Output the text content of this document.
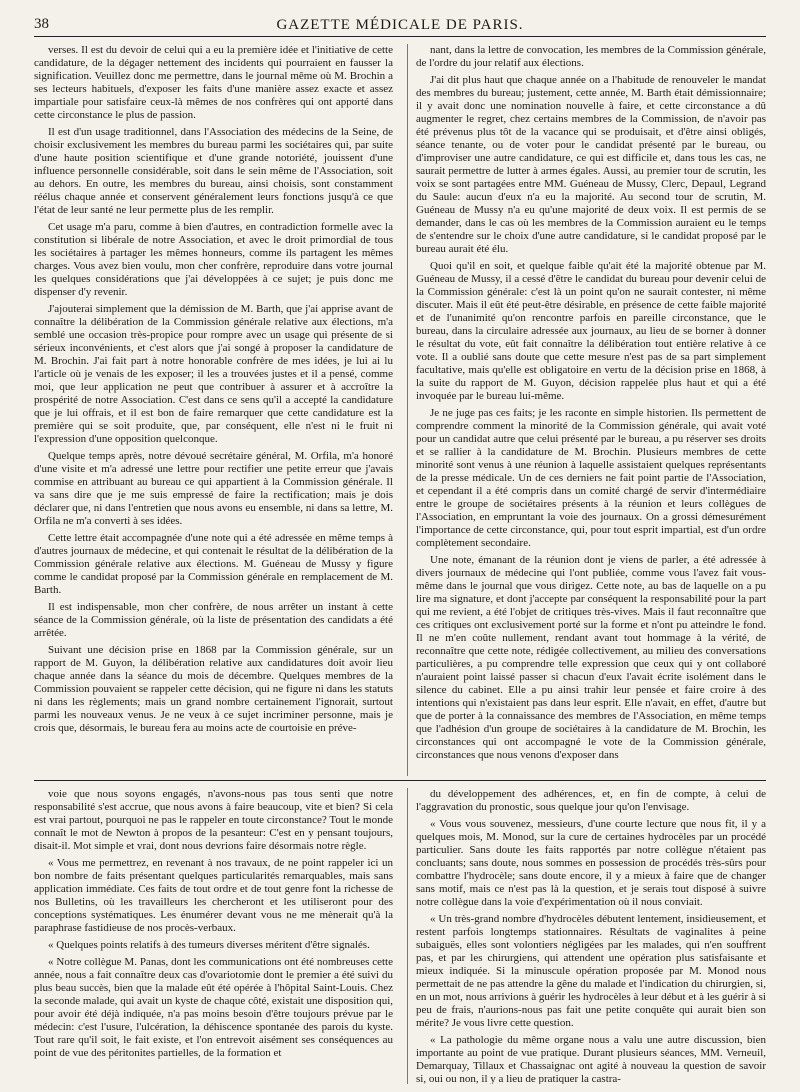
38	GAZETTE MÉDICALE DE PARIS.

verses. Il est du devoir de celui qui a eu la première idée et l'initiative de cette candidature, de la dégager nettement des incidents qui pourraient en fausser la signification. Veuillez donc me permettre, dans le journal même où M. Brochin a ses lecteurs habituels, d'exposer les faits d'une manière assez exacte et assez impartiale pour satisfaire ceux-là mêmes de nos confrères qui ont apporté dans cette circonstance le plus de passion.

Il est d'un usage traditionnel, dans l'Association des médecins de la Seine, de choisir exclusivement les membres du bureau parmi les sociétaires qui, par suite d'une haute position scientifique et d'une grande notoriété, jouissent d'une influence personnelle considérable, soit dans le sein même de l'Association, soit au dehors. En outre, les membres du bureau, ainsi choisis, sont constamment réélus chaque année et conservent généralement leurs fonctions jusqu'à ce que l'état de leur santé ne leur permette plus de les remplir.

Cet usage m'a paru, comme à bien d'autres, en contradiction formelle avec la constitution si libérale de notre Association, et avec le droit primordial de tous les sociétaires à partager les mêmes honneurs, comme ils partagent les mêmes charges. Vous avez bien voulu, mon cher confrère, reproduire dans votre journal les quelques considérations que j'ai développées à ce sujet; je puis donc me dispenser d'y revenir.

J'ajouterai simplement que la démission de M. Barth, que j'ai apprise avant de connaître la délibération de la Commission générale relative aux élections, m'a semblé une occasion très-propice pour rompre avec un usage qui présente de si sérieux inconvénients, et c'est alors que j'ai songé à proposer la candidature de M. Brochin. J'ai fait part à notre honorable confrère de mes idées, je lui ai lu l'article où je venais de les exposer; il les a trouvées justes et il a pensé, comme moi, que leur application ne peut que contribuer à assurer et à accroître la prospérité de notre Association. C'est dans ce sens qu'il a accepté la candidature que je lui offrais, et il est bon de faire remarquer que cette candidature est la première qui se soit produite, que, par conséquent, elle n'est ni le fruit ni l'expression d'une opposition quelconque.

Quelque temps après, notre dévoué secrétaire général, M. Orfila, m'a honoré d'une visite et m'a adressé une lettre pour rectifier une petite erreur que j'avais commise en attribuant au bureau ce qui appartient à la Commission générale. Il va sans dire que je me suis empressé de faire la rectification; mais je dois déclarer que, ni dans l'entretien que nous avons eu ensemble, ni dans sa lettre, M. Orfila ne m'a converti à ses idées.

Cette lettre était accompagnée d'une note qui a été adressée en même temps à d'autres journaux de médecine, et qui contenait le résultat de la délibération de la Commission générale relative aux élections. M. Guéneau de Mussy y figure comme le candidat proposé par la Commission générale en remplacement de M. Barth.

Il est indispensable, mon cher confrère, de nous arrêter un instant à cette séance de la Commission générale, où la liste de présentation des candidats a été arrêtée.

Suivant une décision prise en 1868 par la Commission générale, sur un rapport de M. Guyon, la délibération relative aux candidatures doit avoir lieu chaque année dans la séance du mois de décembre. Quelques membres de la Commission pouvaient se rappeler cette décision, qui ne figure ni dans les statuts ni dans les règlements; mais un grand nombre certainement l'ignorait, surtout parmi les nouveaux venus. Je ne veux à ce sujet incriminer personne, mais je crois que, désormais, le bureau fera au moins acte de courtoisie en préve-

nant, dans la lettre de convocation, les membres de la Commission générale, de l'ordre du jour relatif aux élections.

J'ai dit plus haut que chaque année on a l'habitude de renouveler le mandat des membres du bureau; justement, cette année, M. Barth était démissionnaire; il y avait donc une nomination nouvelle à faire, et cette circonstance a dû augmenter le regret, chez certains membres de la Commission, de n'avoir pas été prévenus plus tôt de la vacance qui se produisait, et d'être ainsi obligés, séance tenante, ou de voter pour le candidat présenté par le bureau, ou d'improviser une autre candidature, ce qui est difficile et, dans tous les cas, ne saurait permettre de lutter à armes égales. Aussi, au premier tour de scrutin, les voix se sont partagées entre MM. Guéneau de Mussy, Clerc, Depaul, Legrand du Saule: aucun d'eux n'a eu la majorité. Au second tour de scrutin, M. Guéneau de Mussy n'a eu qu'une majorité de deux voix. Il est permis de se demander, dans le cas où les membres de la Commission auraient eu le temps de s'entendre sur le choix d'une autre candidature, si le candidat proposé par le bureau aurait été élu.

Quoi qu'il en soit, et quelque faible qu'ait été la majorité obtenue par M. Guéneau de Mussy, il a cessé d'être le candidat du bureau pour devenir celui de la Commission générale: c'est là un point qu'on ne saurait contester, ni même discuter. Mais il eût été peut-être désirable, en présence de cette faible majorité et de l'unanimité qu'on rencontre parfois en pareille circonstance, que le bureau, dans la circulaire adressée aux journaux, au lieu de se borner à donner le résultat du vote, eût fait connaître la délibération tout entière relative à ce vote. Il a oublié sans doute que cette mesure n'est pas de sa part simplement facultative, mais qu'elle est obligatoire en vertu de la décision prise en 1868, à la suite du rapport de M. Guyon, décision rappelée plus haut et qui a été invoquée par le bureau lui-même.

Je ne juge pas ces faits; je les raconte en simple historien. Ils permettent de comprendre comment la minorité de la Commission générale, qui avait voté pour un candidat autre que celui présenté par le bureau, a pu réserver ses droits et se rallier à la candidature de M. Brochin. Plusieurs membres de cette minorité sont venus à une réunion à laquelle assistaient quelques représentants de la presse médicale. Un de ces derniers ne fait point partie de l'Association, et cependant il a été compris dans un comité chargé de servir d'intermédiaire entre le groupe de sociétaires présents à la réunion et leurs collègues de l'Association, en empruntant la voie des journaux. On a grossi démesurément l'importance de cette circonstance, qui, pour tout esprit impartial, est d'un ordre complètement secondaire.

Une note, émanant de la réunion dont je viens de parler, a été adressée à divers journaux de médecine qui l'ont publiée, comme vous l'avez fait vous-même dans le journal que vous dirigez. Cette note, au bas de laquelle on a pu lire ma signature, et dont j'accepte par conséquent la responsabilité pour la part qui me revient, a été l'objet de critiques très-vives. Mais il faut reconnaître que ces critiques ont exclusivement porté sur la forme et n'ont pu atteindre le fond. Il ne m'en coûte nullement, rendant avant tout hommage à la vérité, de reconnaître que cette note, rédigée collectivement, au milieu des conversations particulières, a pu comprendre telle expression que ceux qui y ont collaboré n'auraient point laissé passer si chacun d'eux l'avait écrite isolément dans le silence du cabinet. Elle a pu ainsi trahir leur pensée et faire croire à des intentions qui n'existaient pas dans leur esprit. Elle n'avait, en effet, d'autre but que de porter à la connaissance des membres de l'Association, en même temps que l'adhésion d'un groupe de sociétaires à la candidature de M. Brochin, les circonstances qui ont accompagné le vote de la Commission générale, circonstances que nous venons d'exposer dans

voie que nous soyons engagés, n'avons-nous pas tous senti que notre responsabilité s'est accrue, que nous avons à faire beaucoup, vite et bien? Si cela est vrai partout, pourquoi ne pas le rappeler en toute circonstance? Tout le monde connaît le mot de Newton à propos de la pesanteur: C'est en y pensant toujours, disait-il. Mot simple et vrai, dont nous devrions faire désormais notre règle.

« Vous me permettrez, en revenant à nos travaux, de ne point rappeler ici un bon nombre de faits présentant quelques particularités remarquables, mais sans application immédiate. Ces faits de tout ordre et de tout genre font la richesse de nos Bulletins, où les travailleurs les chercheront et les utiliseront pour des conceptions systématiques. Les énumérer devant vous ne me mènerait qu'à la paraphrase fastidieuse de nos procès-verbaux.

« Quelques points relatifs à des tumeurs diverses méritent d'être signalés.

« Notre collègue M. Panas, dont les communications ont été nombreuses cette année, nous a fait connaître deux cas d'ovariotomie dont le premier a été suivi du plus beau succès, bien que la malade eût été opérée à l'hôpital Saint-Louis. Chez la seconde malade, qui avait un kyste de chaque côté, existait une disposition qui, pour avoir été déjà indiquée, n'a pas moins besoin d'être toujours prévue par le médecin: c'est l'usure, l'ulcération, la déhiscence spontanée des parois du kyste. Tout rare qu'il soit, le fait existe, et l'on entrevoit aisément ses conséquences au point de vue des péritonites partielles, de la formation et

du développement des adhérences, et, en fin de compte, à celui de l'aggravation du pronostic, sous quelque jour qu'on l'envisage.

« Vous vous souvenez, messieurs, d'une courte lecture que nous fit, il y a quelques mois, M. Monod, sur la cure de certaines hydrocèles par un procédé particulier. Sans doute les faits rapportés par notre collègue n'étaient pas concluants; sans doute, nous sommes en possession de procédés très-sûrs pour combattre l'hydrocèle; sans doute encore, il y a mieux à faire que de changer sans motif, mais ce n'est pas là la question, et je serais tout disposé à suivre notre collègue dans la voie d'expérimentation où il nous conviait.

« Un très-grand nombre d'hydrocèles débutent lentement, insidieusement, et restent parfois longtemps stationnaires. Résultats de vaginalites à peine subaiguës, elles sont volontiers négligées par les malades, qui n'en souffrent pas, et par les chirurgiens, qui attendent une opération plus satisfaisante et mieux indiquée. Si la minuscule opération proposée par M. Monod nous permettait de ne pas attendre la gêne du malade et l'indication du chirurgien, si, en un mot, nous arrivions à guérir les hydrocèles à leur début et à les guérir à si peu de frais, n'aurions-nous pas fait une petite conquête qui aurait bien son mérite? Je vous livre cette question.

« La pathologie du même organe nous a valu une autre discussion, bien importante au point de vue pratique. Durant plusieurs séances, MM. Verneuil, Demarquay, Tillaux et Chassaignac ont agité à nouveau la question de savoir si, oui ou non, il y a lieu de pratiquer la castra-
